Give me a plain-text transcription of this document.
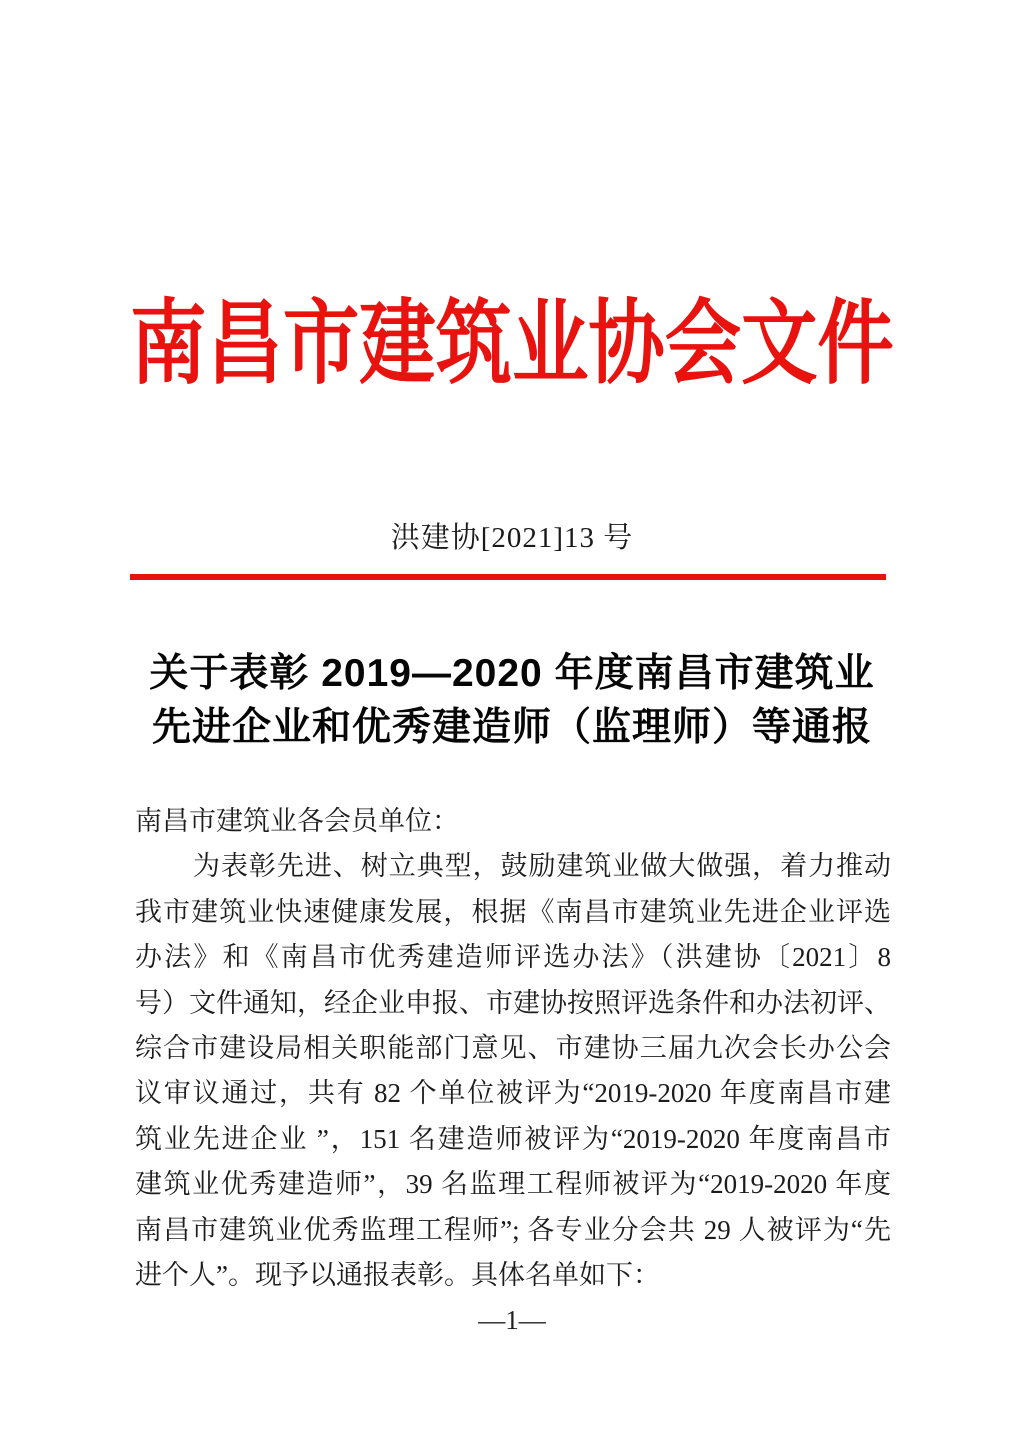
南昌市建筑业协会文件
洪建协[2021]13 号
关于表彰 2019—2020 年度南昌市建筑业
先进企业和优秀建造师（监理师）等通报
南昌市建筑业各会员单位：
为表彰先进、树立典型，鼓励建筑业做大做强，着力推动
我市建筑业快速健康发展，根据《南昌市建筑业先进企业评选
办法》和《南昌市优秀建造师评选办法》（洪建协〔2021〕8
号）文件通知，经企业申报、市建协按照评选条件和办法初评、
综合市建设局相关职能部门意见、市建协三届九次会长办公会
议审议通过，共有 82 个单位被评为“2019-2020 年度南昌市建
筑业先进企业 ”，151 名建造师被评为“2019-2020 年度南昌市
建筑业优秀建造师”，39 名监理工程师被评为“2019-2020 年度
南昌市建筑业优秀监理工程师”; 各专业分会共 29 人被评为“先
进个人”。现予以通报表彰。具体名单如下：
—1—
